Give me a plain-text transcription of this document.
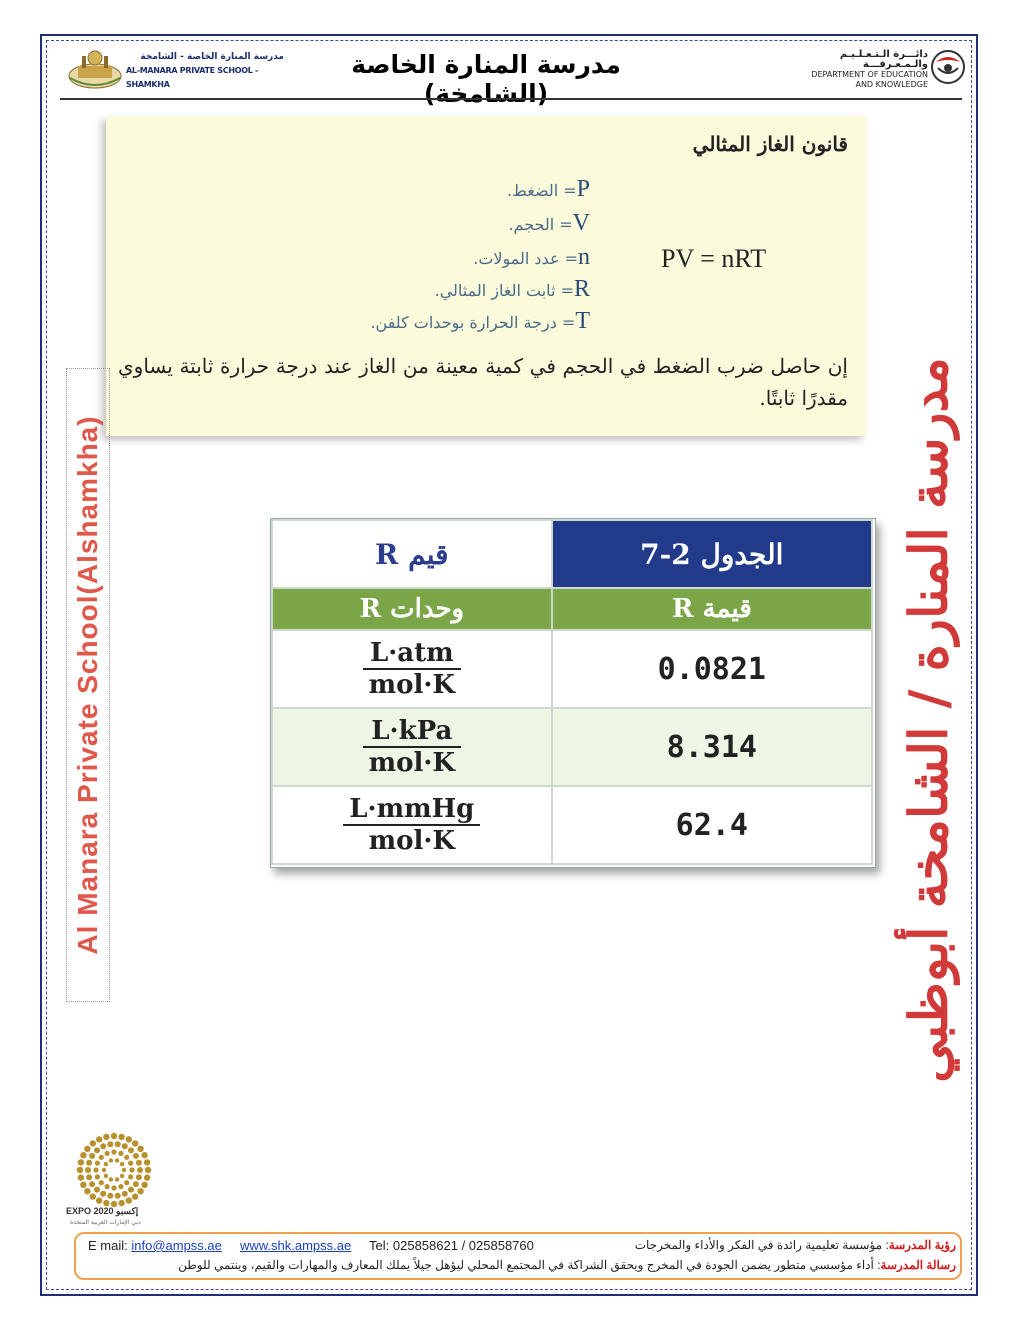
مدرسة المنارة الخاصة - الشامخة
AL-MANARA PRIVATE SCHOOL - SHAMKHA
مدرسة المنارة الخاصة (الشامخة)
دائـــرة الـتـعـلـيـم والـمـعـرفـــة
DEPARTMENT OF EDUCATION
AND KNOWLEDGE
قانون الغاز المثالي
P= الضغط.
V= الحجم.
n= عدد المولات.
R= ثابت الغاز المثالي.
T= درجة الحرارة بوحدات كلفن.
PV = nRT
إن حاصل ضرب الضغط في الحجم في كمية معينة من الغاز عند درجة حرارة ثابتة يساوي مقدرًا ثابتًا.
Al Manara Private School(Alshamkha)	مدرسة المنارة / الشامخة أبوظبي
قيم R	الجدول 2-7
وحدات R	قيمة R

$\frac{\text{L·atm}}{\text{mol·K}}$	0.0821

$\frac{\text{L·kPa}}{\text{mol·K}}$	8.314

$\frac{\text{L·mmHg}}{\text{mol·K}}$	62.4
EXPO 2020 إكسبو
دبي الإمارات العربية المتحدة
E mail: info@ampss.ae www.shk.ampss.ae Tel: 025858621 / 025858760	رؤية المدرسة: مؤسسة تعليمية رائدة في الفكر والأداء والمخرجات
رسالة المدرسة: أداء مؤسسي متطور يضمن الجودة في المخرج ويحقق الشراكة في المجتمع المحلي ليؤهل جيلاً يملك المعارف والمهارات والقيم، وينتمي للوطن
